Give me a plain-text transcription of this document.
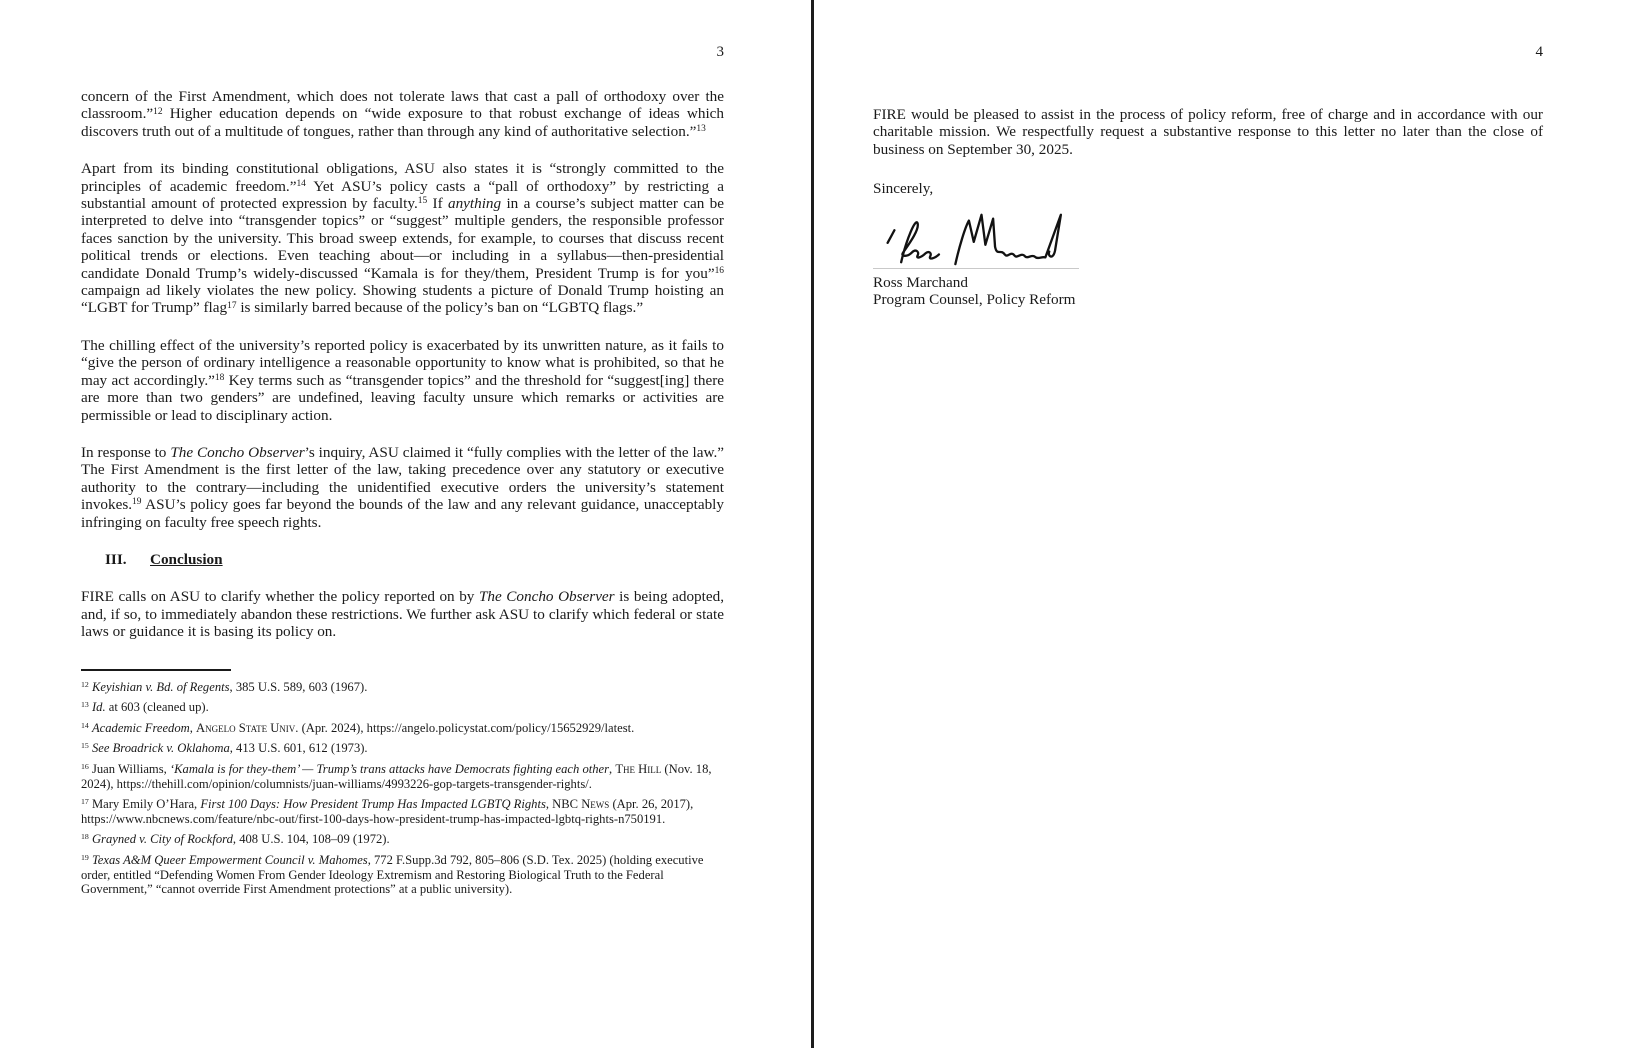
3

concern of the First Amendment, which does not tolerate laws that cast a pall of orthodoxy over the classroom.”$^{12}$ Higher education depends on “wide exposure to that robust exchange of ideas which discovers truth out of a multitude of tongues, rather than through any kind of authoritative selection.”$^{13}$

Apart from its binding constitutional obligations, ASU also states it is “strongly committed to the principles of academic freedom.”$^{14}$ Yet ASU’s policy casts a “pall of orthodoxy” by restricting a substantial amount of protected expression by faculty.$^{15}$ If anything in a course’s subject matter can be interpreted to delve into “transgender topics” or “suggest” multiple genders, the responsible professor faces sanction by the university. This broad sweep extends, for example, to courses that discuss recent political trends or elections. Even teaching about—or including in a syllabus—then-presidential candidate Donald Trump’s widely-discussed “Kamala is for they/them, President Trump is for you”$^{16}$ campaign ad likely violates the new policy. Showing students a picture of Donald Trump hoisting an “LGBT for Trump” flag$^{17}$ is similarly barred because of the policy’s ban on “LGBTQ flags.”

The chilling effect of the university’s reported policy is exacerbated by its unwritten nature, as it fails to “give the person of ordinary intelligence a reasonable opportunity to know what is prohibited, so that he may act accordingly.”$^{18}$ Key terms such as “transgender topics” and the threshold for “suggest[ing] there are more than two genders” are undefined, leaving faculty unsure which remarks or activities are permissible or lead to disciplinary action.

In response to The Concho Observer’s inquiry, ASU claimed it “fully complies with the letter of the law.” The First Amendment is the first letter of the law, taking precedence over any statutory or executive authority to the contrary—including the unidentified executive orders the university’s statement invokes.$^{19}$ ASU’s policy goes far beyond the bounds of the law and any relevant guidance, unacceptably infringing on faculty free speech rights.

III. Conclusion

FIRE calls on ASU to clarify whether the policy reported on by The Concho Observer is being adopted, and, if so, to immediately abandon these restrictions. We further ask ASU to clarify which federal or state laws or guidance it is basing its policy on.

$^{12}$ Keyishian v. Bd. of Regents, 385 U.S. 589, 603 (1967).
$^{13}$ Id. at 603 (cleaned up).
$^{14}$ Academic Freedom, Angelo State Univ. (Apr. 2024), https://angelo.policystat.com/policy/15652929/latest.
$^{15}$ See Broadrick v. Oklahoma, 413 U.S. 601, 612 (1973).
$^{16}$ Juan Williams, ‘Kamala is for they-them’ — Trump’s trans attacks have Democrats fighting each other, The Hill (Nov. 18, 2024), https://thehill.com/opinion/columnists/juan-williams/4993226-gop-targets-transgender-rights/.
$^{17}$ Mary Emily O’Hara, First 100 Days: How President Trump Has Impacted LGBTQ Rights, NBC News (Apr. 26, 2017), https://www.nbcnews.com/feature/nbc-out/first-100-days-how-president-trump-has-impacted-lgbtq-rights-n750191.
$^{18}$ Grayned v. City of Rockford, 408 U.S. 104, 108–09 (1972).
$^{19}$ Texas A&M Queer Empowerment Council v. Mahomes, 772 F.Supp.3d 792, 805–806 (S.D. Tex. 2025) (holding executive order, entitled “Defending Women From Gender Ideology Extremism and Restoring Biological Truth to the Federal Government,” “cannot override First Amendment protections” at a public university).
4

FIRE would be pleased to assist in the process of policy reform, free of charge and in accordance with our charitable mission. We respectfully request a substantive response to this letter no later than the close of business on September 30, 2025.

Sincerely,

Ross Marchand
Program Counsel, Policy Reform
